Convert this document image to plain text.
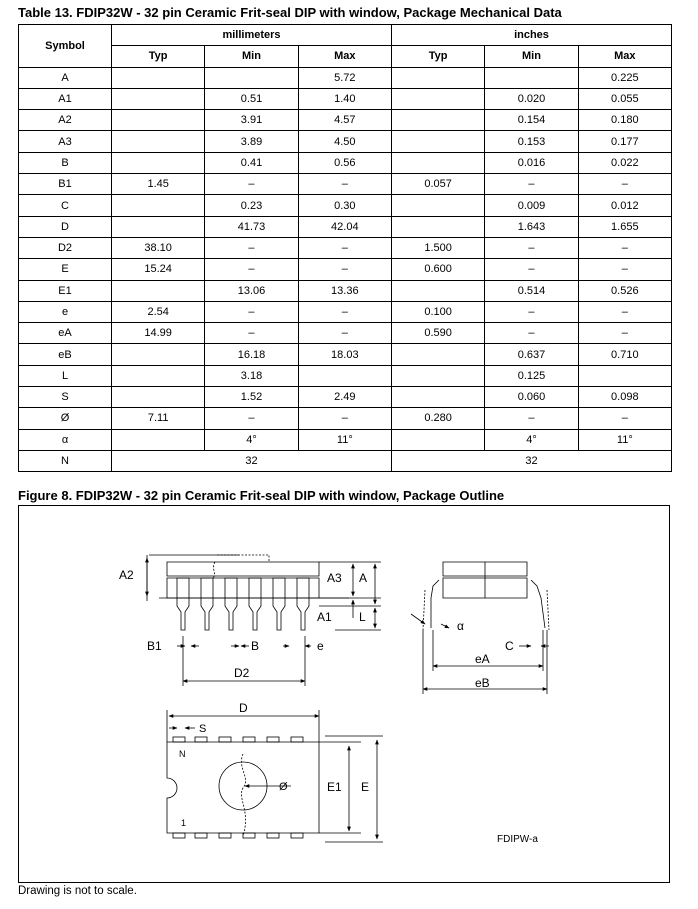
Table 13. FDIP32W - 32 pin Ceramic Frit-seal DIP with window, Package Mechanical Data
Symbol	millimeters			inches		
	Typ	Min	Max	Typ	Min	Max
A			5.72			0.225
A1		0.51	1.40		0.020	0.055
A2		3.91	4.57		0.154	0.180
A3		3.89	4.50		0.153	0.177
B		0.41	0.56		0.016	0.022
B1	1.45	–	–	0.057	–	–
C		0.23	0.30		0.009	0.012
D		41.73	42.04		1.643	1.655
D2	38.10	–	–	1.500	–	–
E	15.24	–	–	0.600	–	–
E1		13.06	13.36		0.514	0.526
e	2.54	–	–	0.100	–	–
eA	14.99	–	–	0.590	–	–
eB		16.18	18.03		0.637	0.710
L		3.18			0.125	
S		1.52	2.49		0.060	0.098
Ø	7.11	–	–	0.280	–	–
α		4°	11°		4°	11°
N	32			32		
Figure 8. FDIP32W - 32 pin Ceramic Frit-seal DIP with window, Package Outline
A2	A3 A
A1 L
B1	B	e
D2
α
C
eA
eB
D
S
N
1
Ø	E1 E
FDIPW-a
Drawing is not to scale.
